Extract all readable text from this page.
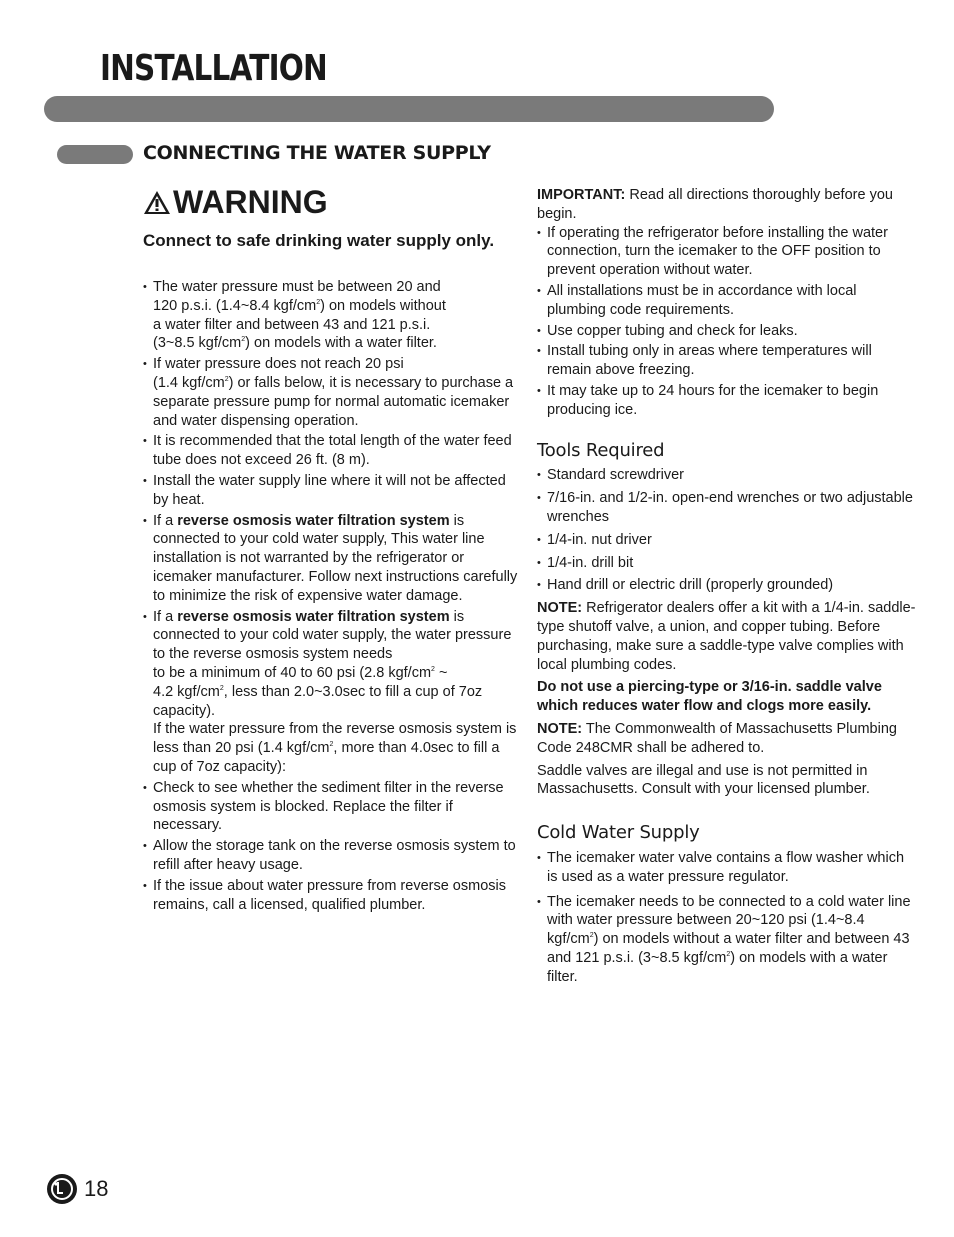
INSTALLATION
CONNECTING THE WATER SUPPLY
WARNING

Connect to safe drinking water supply only.

• The water pressure must be between 20 and
120 p.s.i. (1.4~8.4 kgf/$cm^2$) on models without
a water filter and between 43 and 121 p.s.i.
(3~8.5 kgf/$cm^2$) on models with a water filter.
• If water pressure does not reach 20 psi
(1.4 kgf/$cm^2$) or falls below, it is necessary to purchase a separate pressure pump for normal automatic icemaker and water dispensing operation.
• It is recommended that the total length of the water feed tube does not exceed 26 ft. (8 m).
• Install the water supply line where it will not be affected by heat.
• If a reverse osmosis water filtration system is connected to your cold water supply, This water line installation is not warranted by the refrigerator or icemaker manufacturer. Follow next instructions carefully to minimize the risk of expensive water damage.
• If a reverse osmosis water filtration system is connected to your cold water supply, the water pressure to the reverse osmosis system needs
to be a minimum of 40 to 60 psi (2.8 kgf/$cm^2$ ~
4.2 kgf/$cm^2$, less than 2.0~3.0sec to fill a cup of 7oz capacity).
If the water pressure from the reverse osmosis system is less than 20 psi (1.4 kgf/$cm^2$, more than 4.0sec to fill a cup of 7oz capacity):
• Check to see whether the sediment filter in the reverse osmosis system is blocked. Replace the filter if necessary.
• Allow the storage tank on the reverse osmosis system to refill after heavy usage.
• If the issue about water pressure from reverse osmosis remains, call a licensed, qualified plumber.

IMPORTANT: Read all directions thoroughly before you begin.

• If operating the refrigerator before installing the water connection, turn the icemaker to the OFF position to prevent operation without water.
• All installations must be in accordance with local plumbing code requirements.
• Use copper tubing and check for leaks.
• Install tubing only in areas where temperatures will remain above freezing.
• It may take up to 24 hours for the icemaker to begin producing ice.
Tools Required
• Standard screwdriver
• 7/16-in. and 1/2-in. open-end wrenches or two adjustable wrenches
• 1/4-in. nut driver
• 1/4-in. drill bit
• Hand drill or electric drill (properly grounded)

NOTE: Refrigerator dealers offer a kit with a 1/4-in. saddle-type shutoff valve, a union, and copper tubing. Before purchasing, make sure a saddle-type valve complies with local plumbing codes.

Do not use a piercing-type or 3/16-in. saddle valve which reduces water flow and clogs more easily.

NOTE: The Commonwealth of Massachusetts Plumbing Code 248CMR shall be adhered to.

Saddle valves are illegal and use is not permitted in Massachusetts. Consult with your licensed plumber.

Cold Water Supply
• The icemaker water valve contains a flow washer which is used as a water pressure regulator.
• The icemaker needs to be connected to a cold water line with water pressure between 20~120 psi (1.4~8.4 kgf/$cm^2$) on models without a water filter and between 43 and 121 p.s.i. (3~8.5 kgf/$cm^2$) on models with a water filter.
18
